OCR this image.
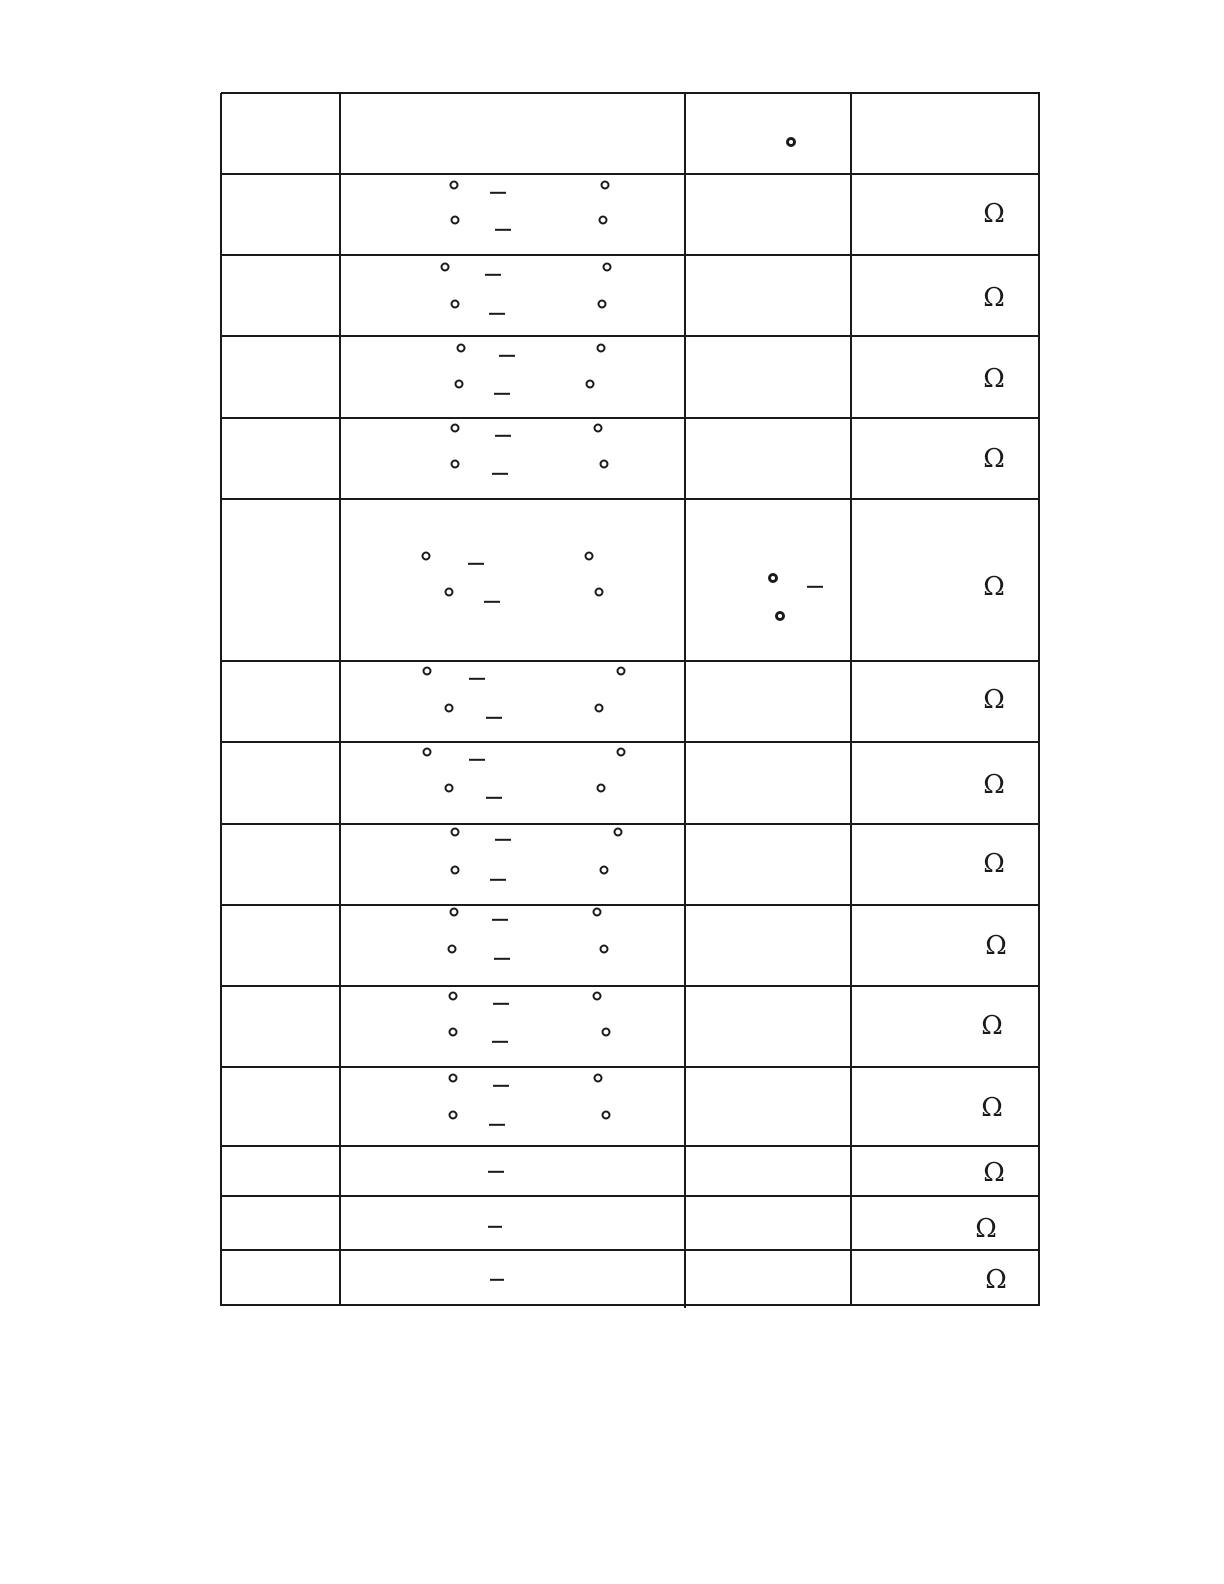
Ω
Ω
Ω
Ω
Ω
Ω
Ω
Ω
Ω
Ω
Ω
Ω
Ω
Ω
